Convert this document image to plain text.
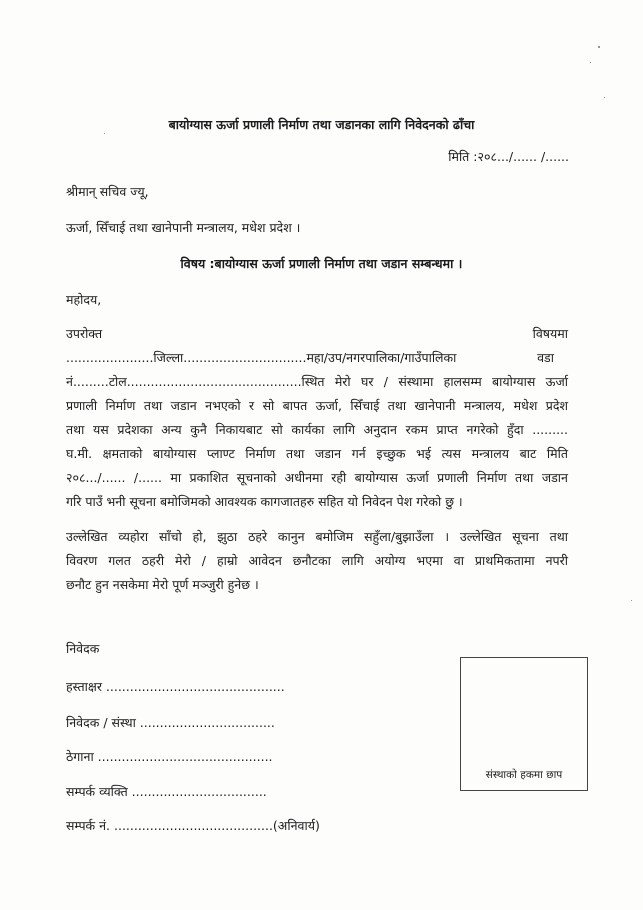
बायोग्यास ऊर्जा प्रणाली निर्माण तथा जडानका लागि निवेदनको ढाँचा

मिति :२०८.../...... /......

श्रीमान् सचिव ज्यू,

ऊर्जा, सिँचाई तथा खानेपानी मन्त्रालय, मधेश प्रदेश ।

विषय :बायोग्यास ऊर्जा प्रणाली निर्माण तथा जडान सम्बन्धमा ।

महोदय,

उपरोक्त	विषयमा
......................जिल्ला...............................महा/उप/नगरपालिका/गाउँपालिका	वडा
नं.........टोल............................................स्थित मेरो घर / संस्थामा हालसम्म बायोग्यास ऊर्जा
प्रणाली निर्माण तथा जडान नभएको र सो बापत ऊर्जा, सिँचाई तथा खानेपानी मन्त्रालय, मधेश प्रदेश
तथा यस प्रदेशका अन्य कुनै निकायबाट सो कार्यका लागि अनुदान रकम प्राप्त नगरेको हुँदा .........
घ.मी. क्षमताको बायोग्यास प्लाण्ट निर्माण तथा जडान गर्न इच्छुक भई त्यस मन्त्रालय बाट मिति
२०८.../...... /...... मा प्रकाशित सूचनाको अधीनमा रही बायोग्यास ऊर्जा प्रणाली निर्माण तथा जडान
गरि पाउँ भनी सूचना बमोजिमको आवश्यक कागजातहरु सहित यो निवेदन पेश गरेको छु ।
उल्लेखित व्यहोरा साँचो हो, झुठा ठहरे कानुन बमोजिम सहुँला/बुझाउँला । उल्लेखित सूचना तथा
विवरण गलत ठहरी मेरो / हाम्रो आवेदन छनौटका लागि अयोग्य भएमा वा प्राथमिकतामा नपरी
छनौट हुन नसकेमा मेरो पूर्ण मञ्जुरी हुनेछ ।

निवेदक

हस्ताक्षर .............................................

निवेदक / संस्था ..................................

ठेगाना ............................................

सम्पर्क व्यक्ति ..................................

सम्पर्क नं. ........................................(अनिवार्य)

संस्थाको हकमा छाप
